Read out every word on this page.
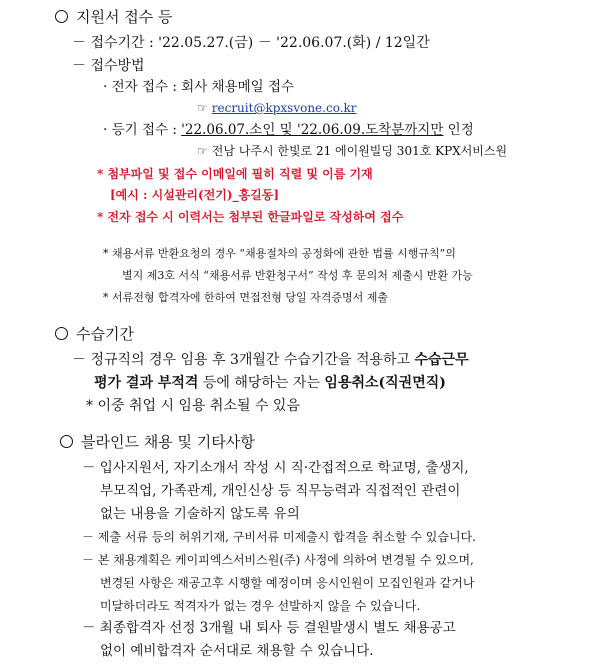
지원서 접수 등
－ 접수기간 : '22.05.27.(금) － '22.06.07.(화) / 12일간
－ 접수방법
· 전자 접수 : 회사 채용메일 접수
☞ recruit@kpxsvone.co.kr
· 등기 접수 : '22.06.07.소인 및 '22.06.09.도착분까지만 인정
☞ 전남 나주시 한빛로 21 에이원빌딩 301호 KPX서비스원
* 첨부파일 및 접수 이메일에 필히 직렬 및 이름 기재
[예시 : 시설관리(전기)_홍길동]
* 전자 접수 시 이력서는 첨부된 한글파일로 작성하여 접수
* 채용서류 반환요청의 경우 “채용절차의 공정화에 관한 법률 시행규칙”의
별지 제3호 서식 “채용서류 반환청구서” 작성 후 문의처 제출시 반환 가능
* 서류전형 합격자에 한하여 면접전형 당일 자격증명서 제출
수습기간
－ 정규직의 경우 임용 후 3개월간 수습기간을 적용하고 수습근무
평가 결과 부적격 등에 해당하는 자는 임용취소(직권면직)
* 이중 취업 시 임용 취소될 수 있음
블라인드 채용 및 기타사항
－ 입사지원서, 자기소개서 작성 시 직·간접적으로 학교명, 출생지,
부모직업, 가족관계, 개인신상 등 직무능력과 직접적인 관련이
없는 내용을 기술하지 않도록 유의
－ 제출 서류 등의 허위기재, 구비서류 미제출시 합격을 취소할 수 있습니다.
－ 본 채용계획은 케이피엑스서비스원(주) 사정에 의하여 변경될 수 있으며,
변경된 사항은 재공고후 시행할 예정이며 응시인원이 모집인원과 같거나
미달하더라도 적격자가 없는 경우 선발하지 않을 수 있습니다.
－ 최종합격자 선정 3개월 내 퇴사 등 결원발생시 별도 채용공고
없이 예비합격자 순서대로 채용할 수 있습니다.
